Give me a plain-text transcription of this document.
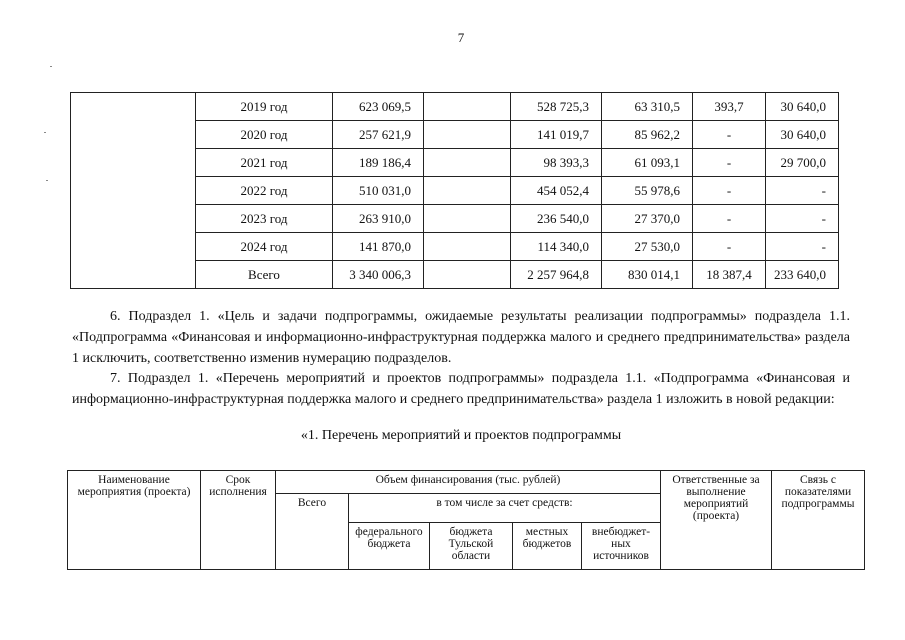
7
	2019 год	623 069,5		528 725,3	63 310,5	393,7	30 640,0
	2020 год	257 621,9		141 019,7	85 962,2	-	30 640,0
	2021 год	189 186,4		98 393,3	61 093,1	-	29 700,0
	2022 год	510 031,0		454 052,4	55 978,6	-	-
	2023 год	263 910,0		236 540,0	27 370,0	-	-
	2024 год	141 870,0		114 340,0	27 530,0	-	-
	Всего	3 340 006,3		2 257 964,8	830 014,1	18 387,4	233 640,0
6. Подраздел 1. «Цель и задачи подпрограммы, ожидаемые результаты реализации подпрограммы» подраздела 1.1. «Подпрограмма «Финансовая и информационно-инфраструктурная поддержка малого и среднего предпринимательства» раздела 1 исключить, соответственно изменив нумерацию подразделов.
7. Подраздел 1. «Перечень мероприятий и проектов подпрограммы» подраздела 1.1. «Подпрограмма «Финансовая и информационно-инфраструктурная поддержка малого и среднего предпринимательства» раздела 1 изложить в новой редакции:
«1. Перечень мероприятий и проектов подпрограммы
Наименование мероприятия (проекта)	Срок исполнения	Объем финансирования (тыс. рублей)					Ответственные за выполнение мероприятий (проекта)	Связь с показателями подпрограммы
		Всего	в том числе за счет средств:					
			федерального бюджета	бюджета Тульской области	местных бюджетов	внебюджет-ных источников		
